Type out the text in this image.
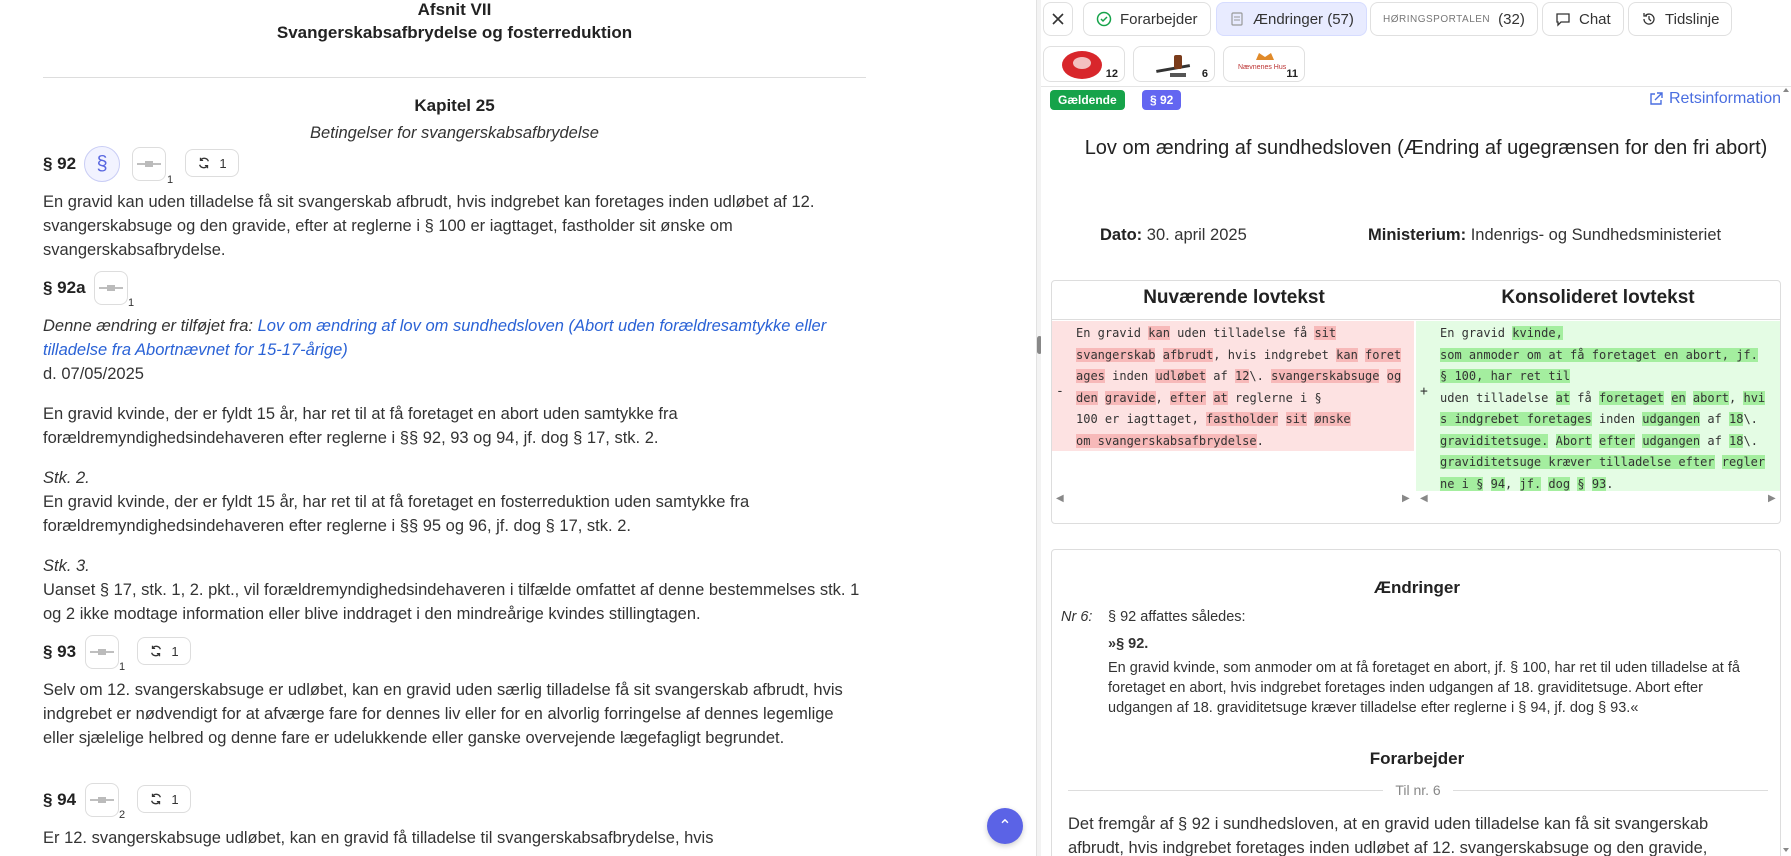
Afsnit VII
Svangerskabsafbrydelse og fosterreduktion
Kapitel 25
Betingelser for svangerskabsafbrydelse
§ 92 §
1
1
En gravid kan uden tilladelse få sit svangerskab afbrudt, hvis indgrebet kan foretages inden udløbet af 12. svangerskabsuge og den gravide, efter at reglerne i § 100 er iagttaget, fastholder sit ønske om svangerskabsafbrydelse.
§ 92a
1
Denne ændring er tilføjet fra: Lov om ændring af lov om sundhedsloven (Abort uden forældresamtykke eller tilladelse fra Abortnævnet for 15-17-årige)
d. 07/05/2025
En gravid kvinde, der er fyldt 15 år, har ret til at få foretaget en abort uden samtykke fra forældremyndighedsindehaveren efter reglerne i §§ 92, 93 og 94, jf. dog § 17, stk. 2.
Stk. 2.
En gravid kvinde, der er fyldt 15 år, har ret til at få foretaget en fosterreduktion uden samtykke fra forældremyndighedsindehaveren efter reglerne i §§ 95 og 96, jf. dog § 17, stk. 2.
Stk. 3.
Uanset § 17, stk. 1, 2. pkt., vil forældremyndighedsindehaveren i tilfælde omfattet af denne bestemmelses stk. 1 og 2 ikke modtage information eller blive inddraget i den mindreårige kvindes stillingtagen.
§ 93
1
1
Selv om 12. svangerskabsuge er udløbet, kan en gravid uden særlig tilladelse få sit svangerskab afbrudt, hvis indgrebet er nødvendigt for at afværge fare for dennes liv eller for en alvorlig forringelse af dennes legemlige eller sjælelige helbred og denne fare er udelukkende eller ganske overvejende lægefagligt begrundet.
§ 94
2
1
Er 12. svangerskabsuge udløbet, kan en gravid få tilladelse til svangerskabsafbrydelse, hvis
⌃
Forarbejder	Ændringer (57)	HØRINGSPORTALEN (32)	Chat	Tidslinje
12	6
Nævnenes Hus
11
Gældende	§ 92	Retsinformation
Lov om ændring af sundhedsloven (Ændring af ugegrænsen for den fri abort)
Dato: 30. april 2025	Ministerium: Indenrigs- og Sundhedsministeriet
Nuværende lovtekst	Konsolideret lovtekst
-
En gravid kan uden tilladelse få sit
svangerskab afbrudt, hvis indgrebet kan foret
ages inden udløbet af 12\. svangerskabsuge og
den gravide, efter at reglerne i §
100 er iagttaget, fastholder sit ønske
om svangerskabsafbrydelse.
+
En gravid kvinde,
som anmoder om at få foretaget en abort, jf.
§ 100, har ret til
uden tilladelse at få foretaget en abort, hvi
s indgrebet foretages inden udgangen af 18\.
graviditetsuge. Abort efter udgangen af 18\.
graviditetsuge kræver tilladelse efter regler
ne i § 94, jf. dog § 93.
◀	▶ ◀	▶
Ændringer
Nr 6: § 92 affattes således:
»§ 92.
En gravid kvinde, som anmoder om at få foretaget en abort, jf. § 100, har ret til uden tilladelse at få foretaget en abort, hvis indgrebet foretages inden udgangen af 18. graviditetsuge. Abort efter udgangen af 18. graviditetsuge kræver tilladelse efter reglerne i § 94, jf. dog § 93.«
Forarbejder
Til nr. 6
Det fremgår af § 92 i sundhedsloven, at en gravid uden tilladelse kan få sit svangerskab afbrudt, hvis indgrebet foretages inden udløbet af 12. svangerskabsuge og den gravide,
